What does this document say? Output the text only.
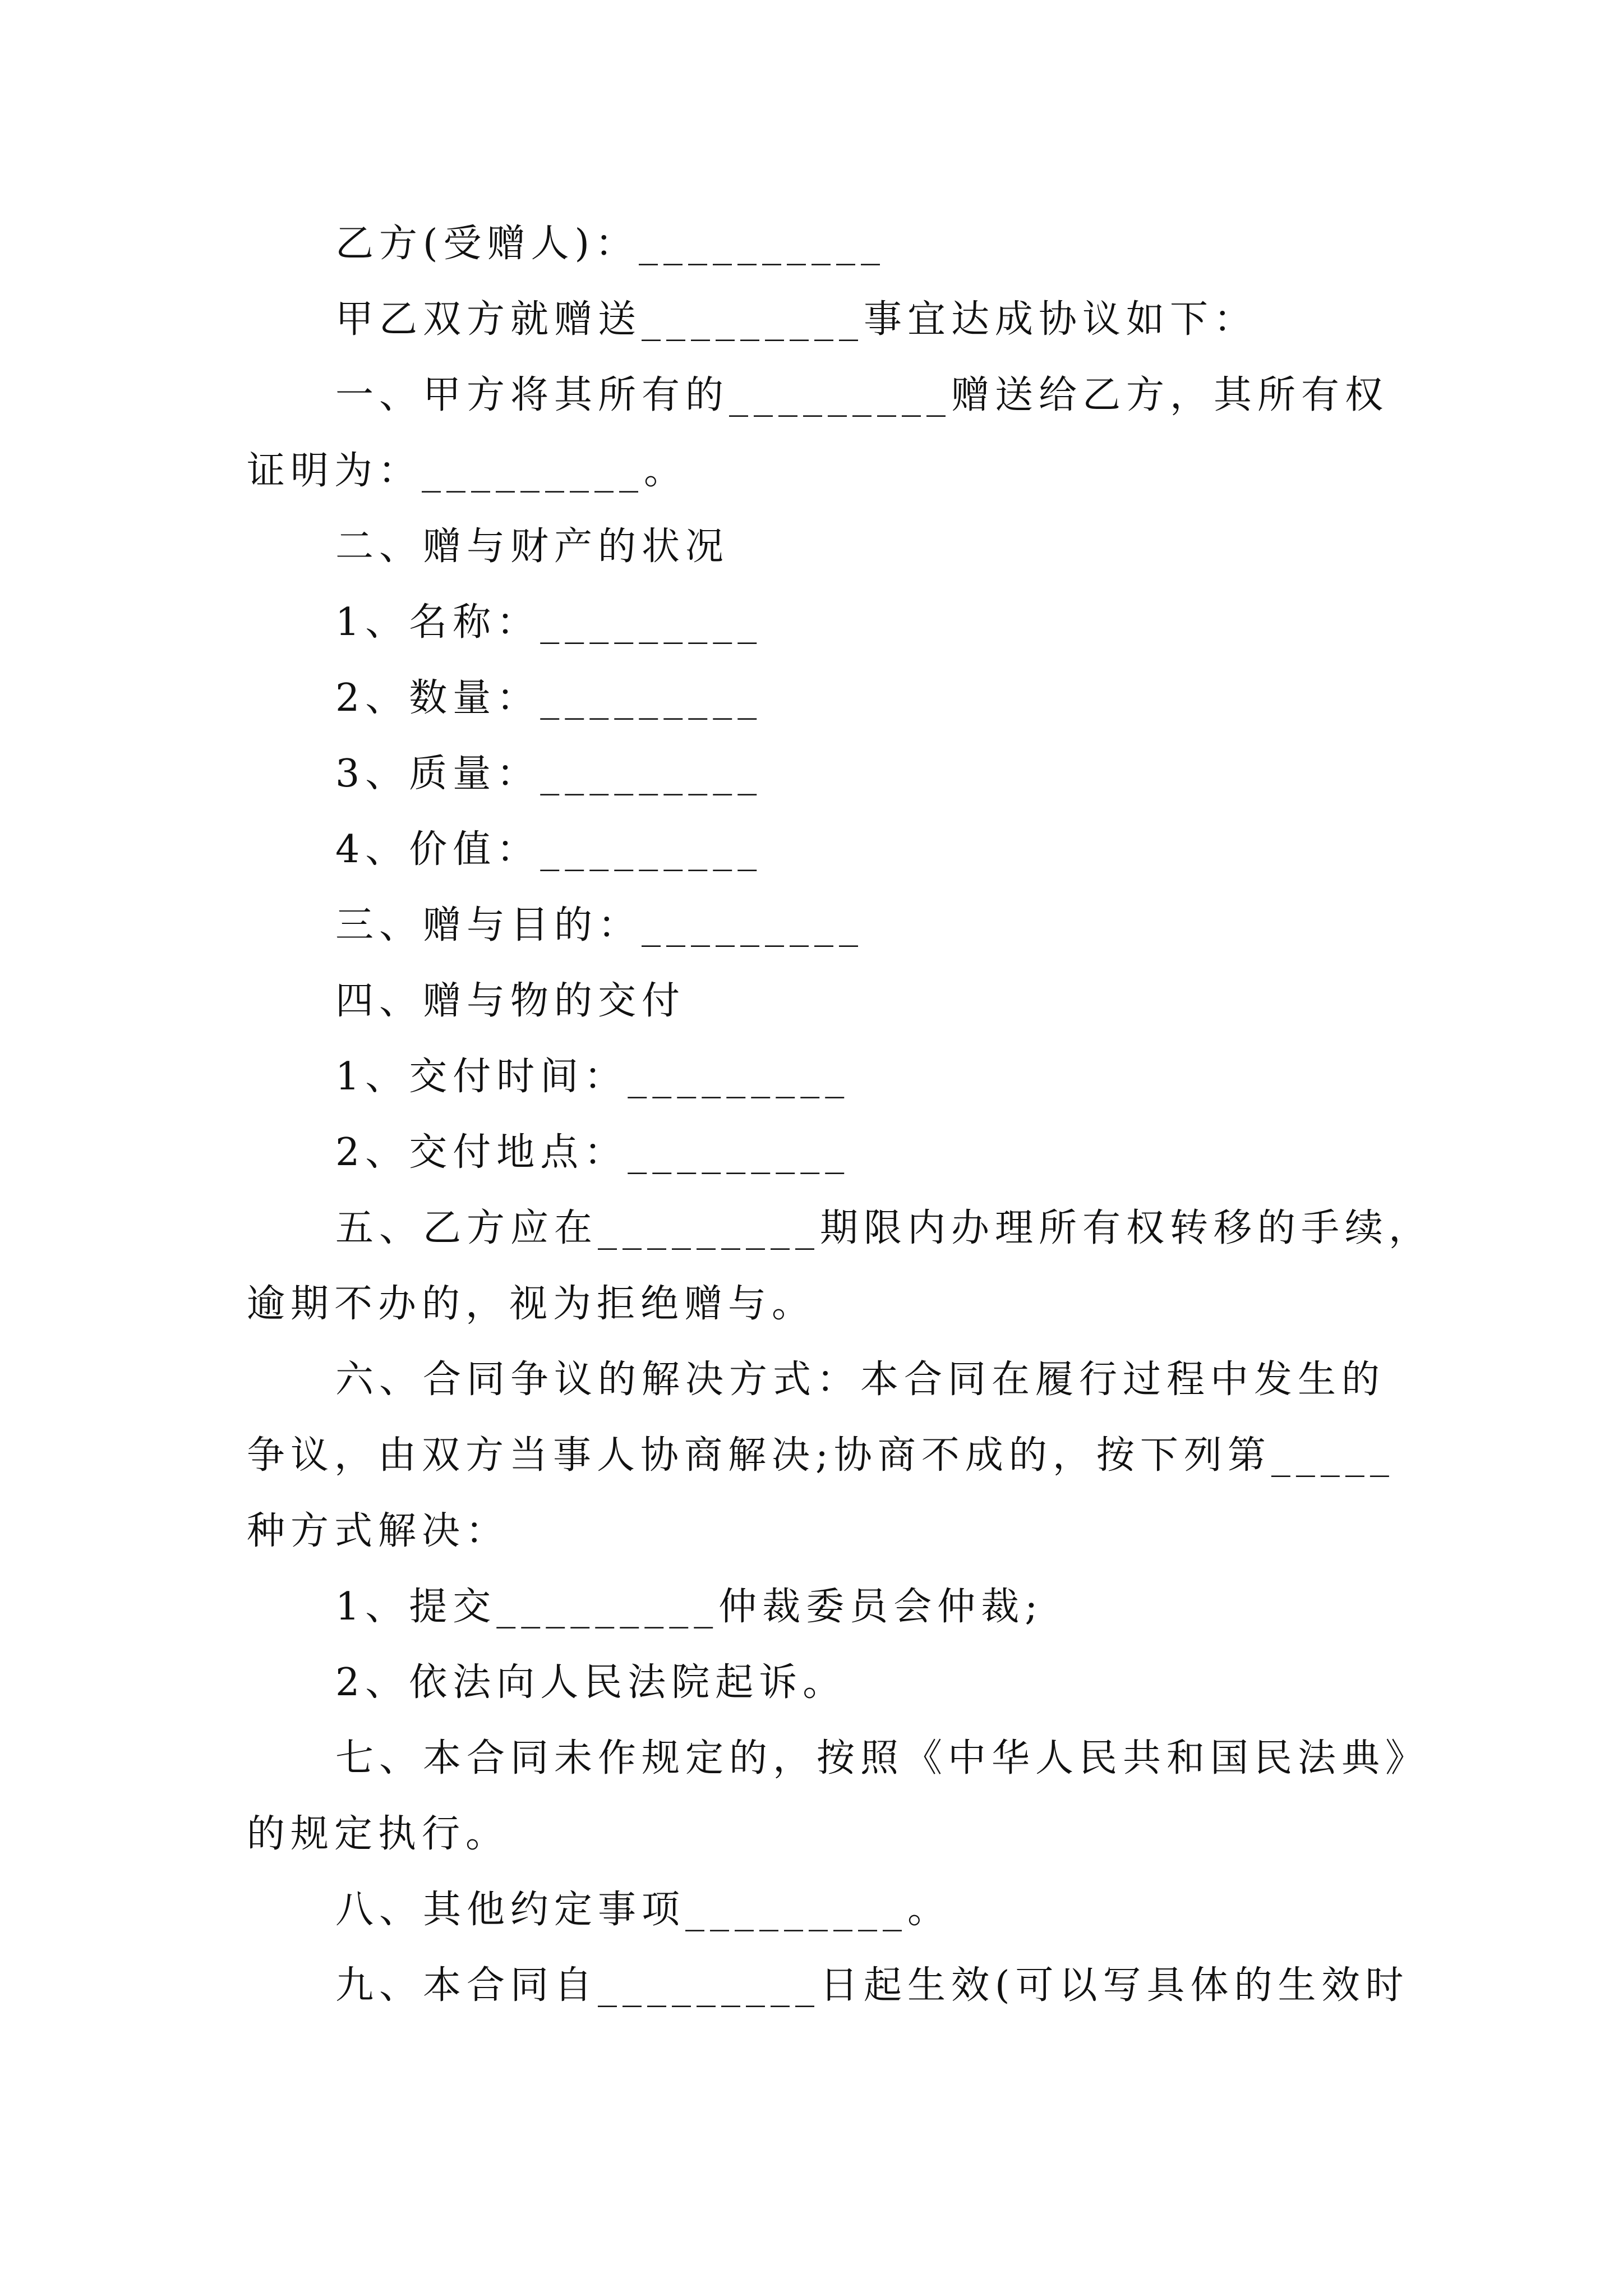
乙方(受赠人)：__________
甲乙双方就赠送_________事宜达成协议如下：
一、甲方将其所有的_________赠送给乙方，其所有权
证明为：_________。
二、赠与财产的状况
1、名称：_________
2、数量：_________
3、质量：_________
4、价值：_________
三、赠与目的：_________
四、赠与物的交付
1、交付时间：_________
2、交付地点：_________
五、乙方应在_________期限内办理所有权转移的手续，
逾期不办的，视为拒绝赠与。
六、合同争议的解决方式：本合同在履行过程中发生的
争议，由双方当事人协商解决;协商不成的，按下列第_____
种方式解决：
1、提交_________仲裁委员会仲裁;
2、依法向人民法院起诉。
七、本合同未作规定的，按照《中华人民共和国民法典》
的规定执行。
八、其他约定事项_________。
九、本合同自_________日起生效(可以写具体的生效时
